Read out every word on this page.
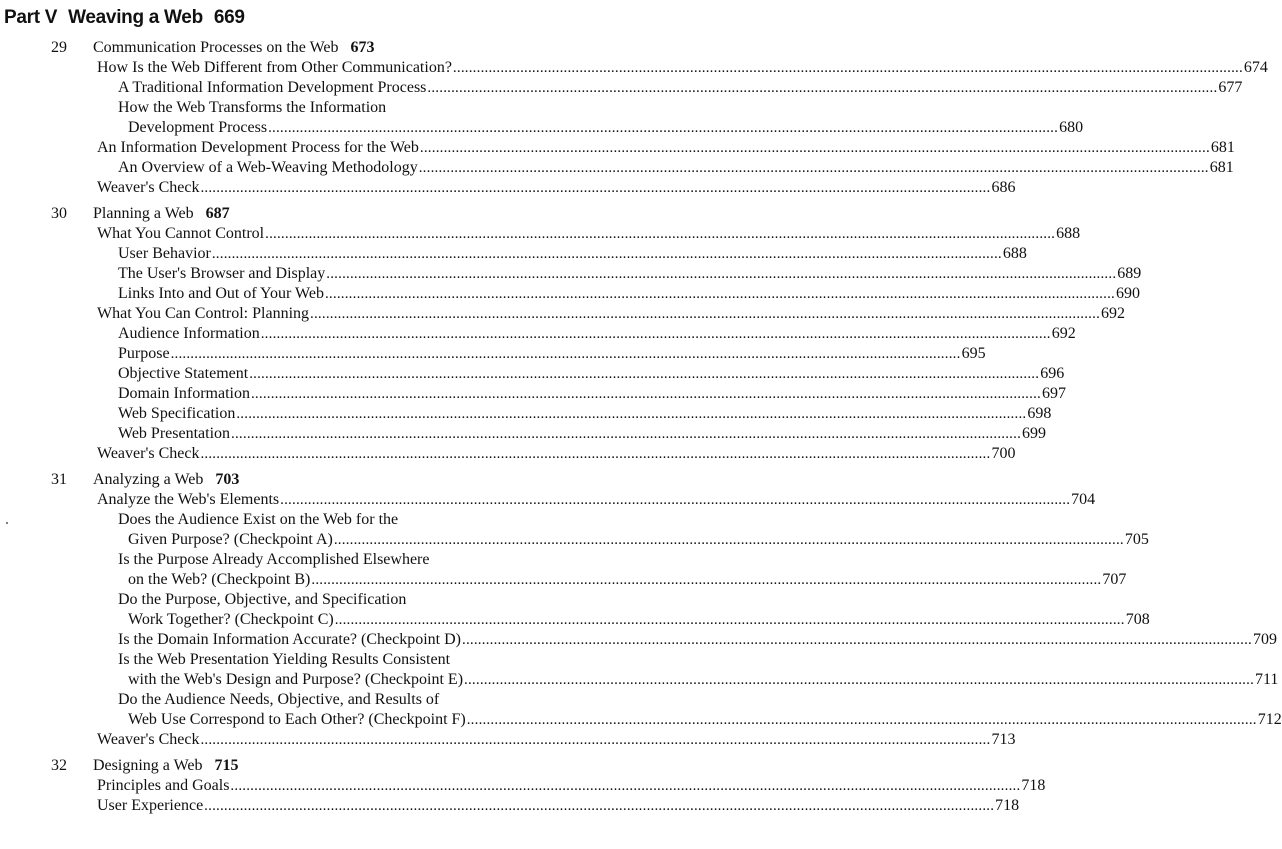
Part V Weaving a Web 669
29 Communication Processes on the Web 673
How Is the Web Different from Other Communication? ........................................................................................................................................................................................................ 674
A Traditional Information Development Process ........................................................................................................................................................................................................ 677
How the Web Transforms the Information
Development Process ........................................................................................................................................................................................................ 680
An Information Development Process for the Web ........................................................................................................................................................................................................ 681
An Overview of a Web-Weaving Methodology ........................................................................................................................................................................................................ 681
Weaver's Check ........................................................................................................................................................................................................ 686
30 Planning a Web 687
What You Cannot Control ........................................................................................................................................................................................................ 688
User Behavior ........................................................................................................................................................................................................ 688
The User's Browser and Display ........................................................................................................................................................................................................ 689
Links Into and Out of Your Web ........................................................................................................................................................................................................ 690
What You Can Control: Planning ........................................................................................................................................................................................................ 692
Audience Information ........................................................................................................................................................................................................ 692
Purpose ........................................................................................................................................................................................................ 695
Objective Statement ........................................................................................................................................................................................................ 696
Domain Information ........................................................................................................................................................................................................ 697
Web Specification ........................................................................................................................................................................................................ 698
Web Presentation ........................................................................................................................................................................................................ 699
Weaver's Check ........................................................................................................................................................................................................ 700
31 Analyzing a Web 703
Analyze the Web's Elements ........................................................................................................................................................................................................ 704
Does the Audience Exist on the Web for the
Given Purpose? (Checkpoint A) ........................................................................................................................................................................................................ 705
Is the Purpose Already Accomplished Elsewhere
on the Web? (Checkpoint B) ........................................................................................................................................................................................................ 707
Do the Purpose, Objective, and Specification
Work Together? (Checkpoint C) ........................................................................................................................................................................................................ 708
Is the Domain Information Accurate? (Checkpoint D) ........................................................................................................................................................................................................ 709
Is the Web Presentation Yielding Results Consistent
with the Web's Design and Purpose? (Checkpoint E) ........................................................................................................................................................................................................ 711
Do the Audience Needs, Objective, and Results of
Web Use Correspond to Each Other? (Checkpoint F) ........................................................................................................................................................................................................ 712
Weaver's Check ........................................................................................................................................................................................................ 713
32 Designing a Web 715
Principles and Goals ........................................................................................................................................................................................................ 718
User Experience ........................................................................................................................................................................................................ 718
